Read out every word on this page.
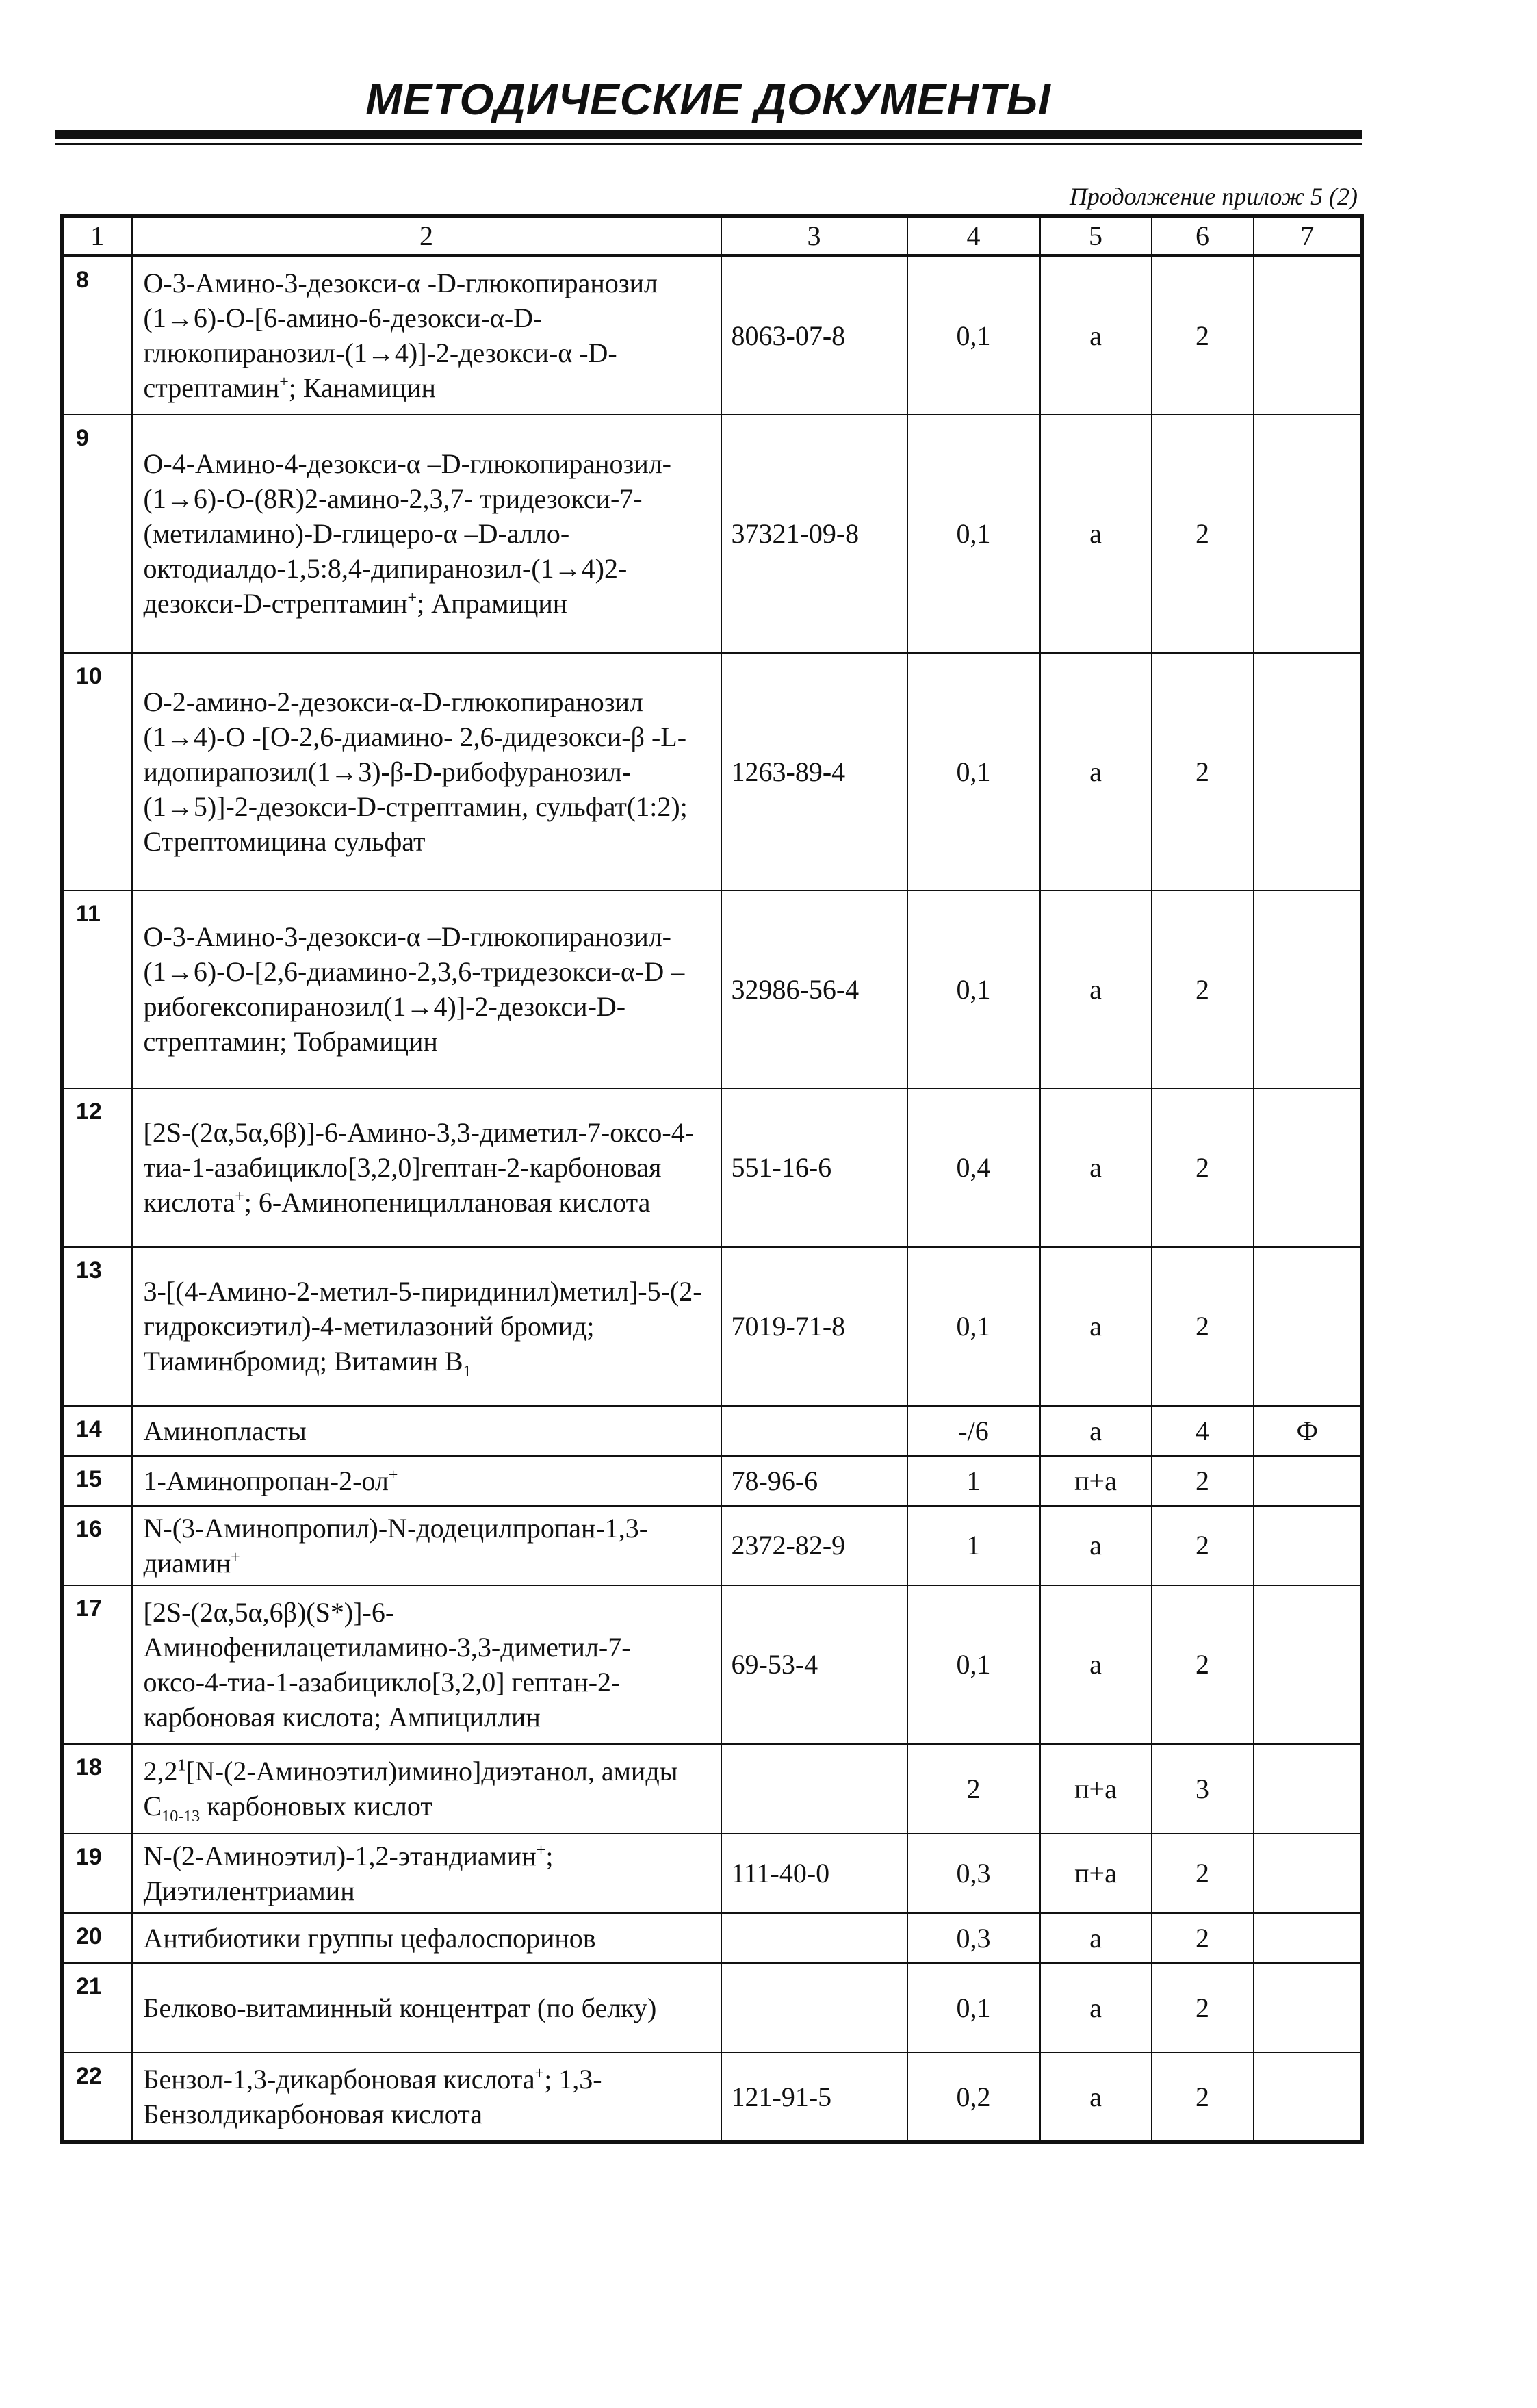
МЕТОДИЧЕСКИЕ ДОКУМЕНТЫ
Продолжение прилож 5 (2)
1	2	3	4	5	6	7
8	О-3-Амино-3-дезокси-α -D-глюкопиранозил (1→6)-О-[6-амино-6-дезокси-α-D-глюкопиранозил-(1→4)]-2-дезокси-α -D-стрептамин+; Канамицин	8063-07-8	0,1	а	2	
9	О-4-Амино-4-дезокси-α –D-глюкопиранозил-(1→6)-О-(8R)2-амино-2,3,7- тридезокси-7-(метиламино)-D-глицеро-α –D-алло-октодиалдо-1,5:8,4-дипиранозил-(1→4)2-дезокси-D-стрептамин+; Апрамицин	37321-09-8	0,1	а	2	
10	О-2-амино-2-дезокси-α-D-глюкопиранозил (1→4)-О -[О-2,6-диамино- 2,6-дидезокси-β -L-идопирапозил(1→3)-β-D-рибофуранозил-(1→5)]-2-дезокси-D-стрептамин, сульфат(1:2); Стрептомицина сульфат	1263-89-4	0,1	а	2	
11	О-3-Амино-3-дезокси-α –D-глюкопиранозил-(1→6)-О-[2,6-диамино-2,3,6-тридезокси-α-D –рибогексопиранозил(1→4)]-2-дезокси-D-стрептамин; Тобрамицин	32986-56-4	0,1	а	2	
12	[2S-(2α,5α,6β)]-6-Амино-3,3-диметил-7-оксо-4-тиа-1-азабицикло[3,2,0]гептан-2-карбоновая кислота+; 6-Аминопенициллановая кислота	551-16-6	0,4	а	2	
13	3-[(4-Амино-2-метил-5-пиридинил)метил]-5-(2-гидроксиэтил)-4-метилазоний бромид; Тиаминбромид; Витамин $B_1$	7019-71-8	0,1	а	2	
14	Аминопласты		-/6	а	4	Ф
15	1-Аминопропан-2-ол+	78-96-6	1	п+а	2	
16	N-(3-Аминопропил)-N-додецилпропан-1,3-диамин+	2372-82-9	1	а	2	
17	[2S-(2α,5α,6β)(S*)]-6-Аминофенилацетиламино-3,3-диметил-7-оксо-4-тиа-1-азабицикло[3,2,0] гептан-2-карбоновая кислота; Ампициллин	69-53-4	0,1	а	2	
18	$2,2^1[N-(2-Аминоэтил)имино]диэтанол$, амиды $C_{10-13}$ карбоновых кислот		2	п+а	3	
19	N-(2-Аминоэтил)-1,2-этандиамин+; Диэтилентриамин	111-40-0	0,3	п+а	2	
20	Антибиотики группы цефалоспоринов		0,3	а	2	
21	Белково-витаминный концентрат (по белку)		0,1	а	2	
22	Бензол-1,3-дикарбоновая кислота+; 1,3-Бензолдикарбоновая кислота	121-91-5	0,2	а	2	
